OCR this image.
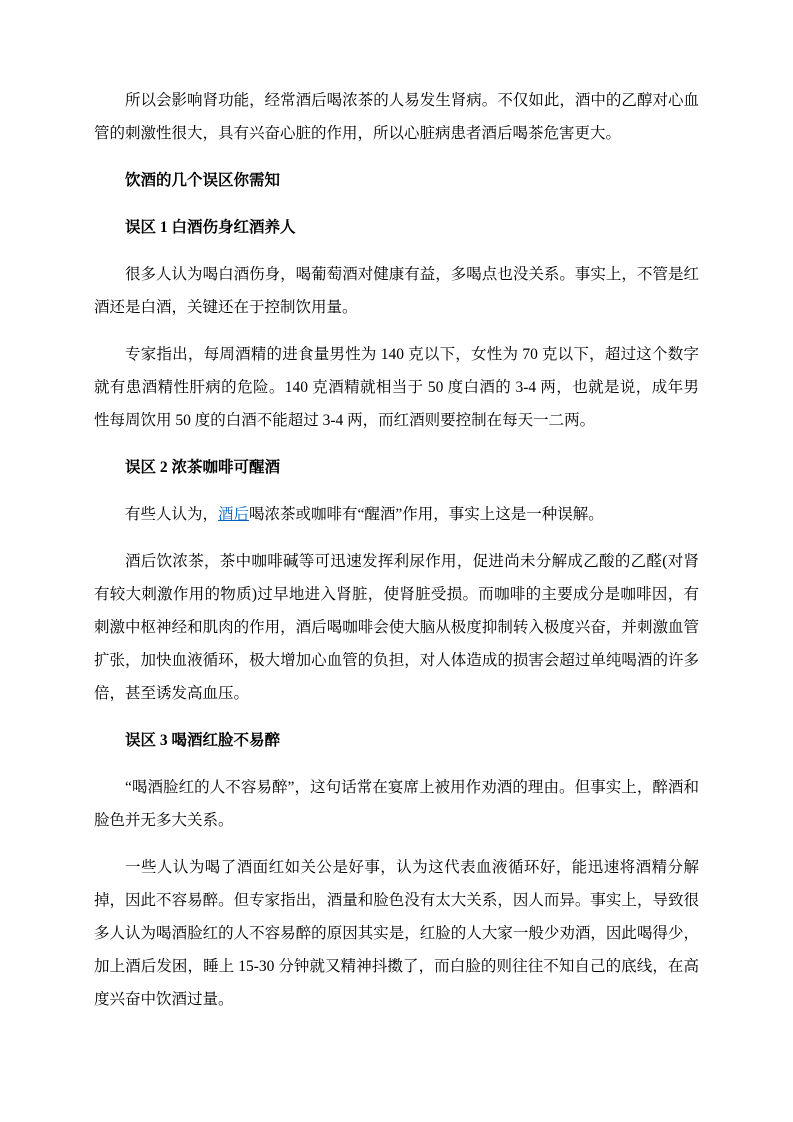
所以会影响肾功能，经常酒后喝浓茶的人易发生肾病。不仅如此，酒中的乙醇对心血管的刺激性很大，具有兴奋心脏的作用，所以心脏病患者酒后喝茶危害更大。

饮酒的几个误区你需知

误区 1 白酒伤身红酒养人

很多人认为喝白酒伤身，喝葡萄酒对健康有益，多喝点也没关系。事实上，不管是红酒还是白酒，关键还在于控制饮用量。

专家指出，每周酒精的进食量男性为 140 克以下，女性为 70 克以下，超过这个数字就有患酒精性肝病的危险。140 克酒精就相当于 50 度白酒的 3-4 两，也就是说，成年男性每周饮用 50 度的白酒不能超过 3-4 两，而红酒则要控制在每天一二两。

误区 2 浓茶咖啡可醒酒

有些人认为，酒后喝浓茶或咖啡有“醒酒”作用，事实上这是一种误解。

酒后饮浓茶，茶中咖啡碱等可迅速发挥利尿作用，促进尚未分解成乙酸的乙醛(对肾有较大刺激作用的物质)过早地进入肾脏，使肾脏受损。而咖啡的主要成分是咖啡因，有刺激中枢神经和肌肉的作用，酒后喝咖啡会使大脑从极度抑制转入极度兴奋，并刺激血管扩张，加快血液循环，极大增加心血管的负担，对人体造成的损害会超过单纯喝酒的许多倍，甚至诱发高血压。

误区 3 喝酒红脸不易醉

“喝酒脸红的人不容易醉”，这句话常在宴席上被用作劝酒的理由。但事实上，醉酒和脸色并无多大关系。

一些人认为喝了酒面红如关公是好事，认为这代表血液循环好，能迅速将酒精分解掉，因此不容易醉。但专家指出，酒量和脸色没有太大关系，因人而异。事实上，导致很多人认为喝酒脸红的人不容易醉的原因其实是，红脸的人大家一般少劝酒，因此喝得少，加上酒后发困，睡上 15-30 分钟就又精神抖擞了，而白脸的则往往不知自己的底线，在高度兴奋中饮酒过量。
